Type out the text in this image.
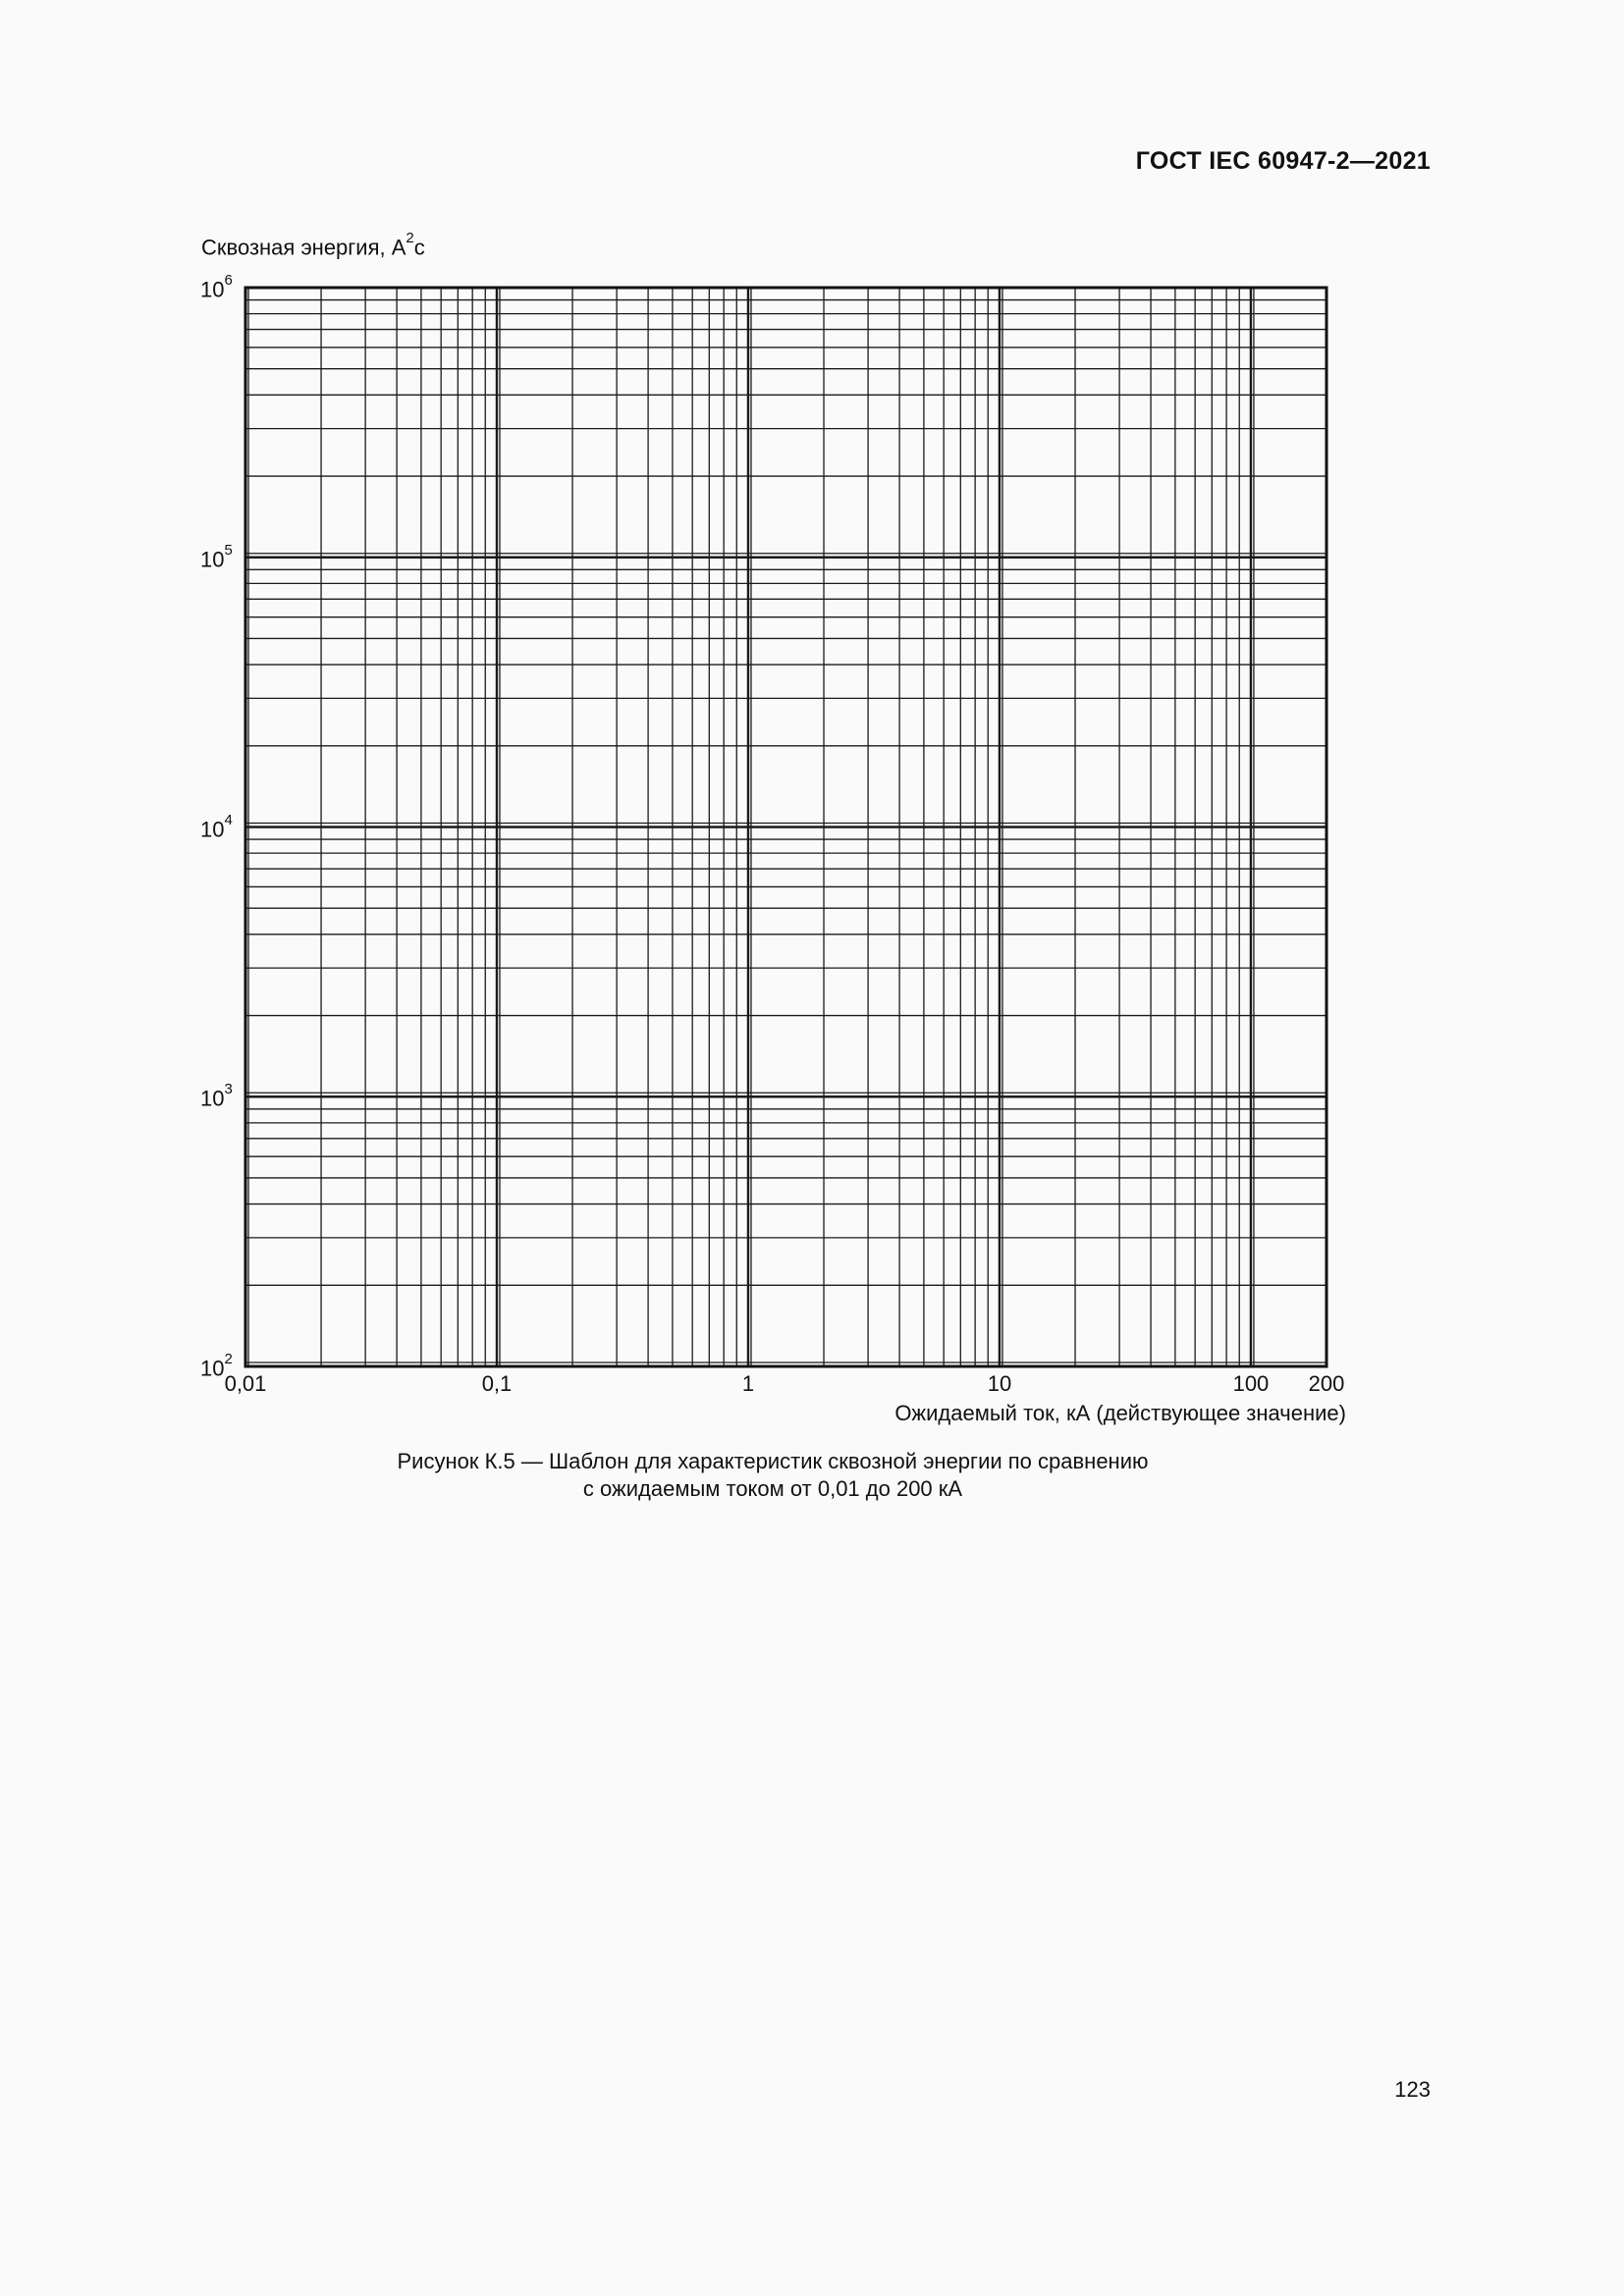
ГОСТ IEC 60947-2—2021
Сквозная энергия, $А^2с$
$10^2$
$10^3$
$10^4$
$10^5$
$10^6$
0,01	0,1	1	10	100 200
Ожидаемый ток, кА (действующее значение)
Рисунок К.5 — Шаблон для характеристик сквозной энергии по сравнению
с ожидаемым током от 0,01 до 200 кА
123
